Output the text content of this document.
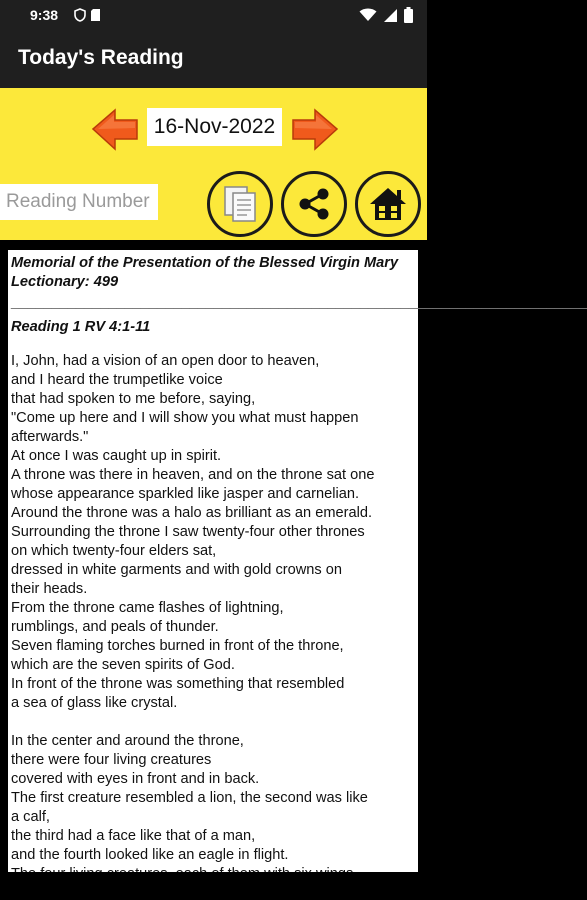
9:38
Today's Reading
16-Nov-2022
Reading Number
Memorial of the Presentation of the Blessed Virgin Mary
Lectionary: 499
_______________________________________________________________________
Reading 1 RV 4:1-11
I, John, had a vision of an open door to heaven,
and I heard the trumpetlike voice
that had spoken to me before, saying,
"Come up here and I will show you what must happen
afterwards."
At once I was caught up in spirit.
A throne was there in heaven, and on the throne sat one
whose appearance sparkled like jasper and carnelian.
Around the throne was a halo as brilliant as an emerald.
Surrounding the throne I saw twenty-four other thrones
on which twenty-four elders sat,
dressed in white garments and with gold crowns on
their heads.
From the throne came flashes of lightning,
rumblings, and peals of thunder.
Seven flaming torches burned in front of the throne,
which are the seven spirits of God.
In front of the throne was something that resembled
a sea of glass like crystal.
In the center and around the throne,
there were four living creatures
covered with eyes in front and in back.
The first creature resembled a lion, the second was like
a calf,
the third had a face like that of a man,
and the fourth looked like an eagle in flight.
